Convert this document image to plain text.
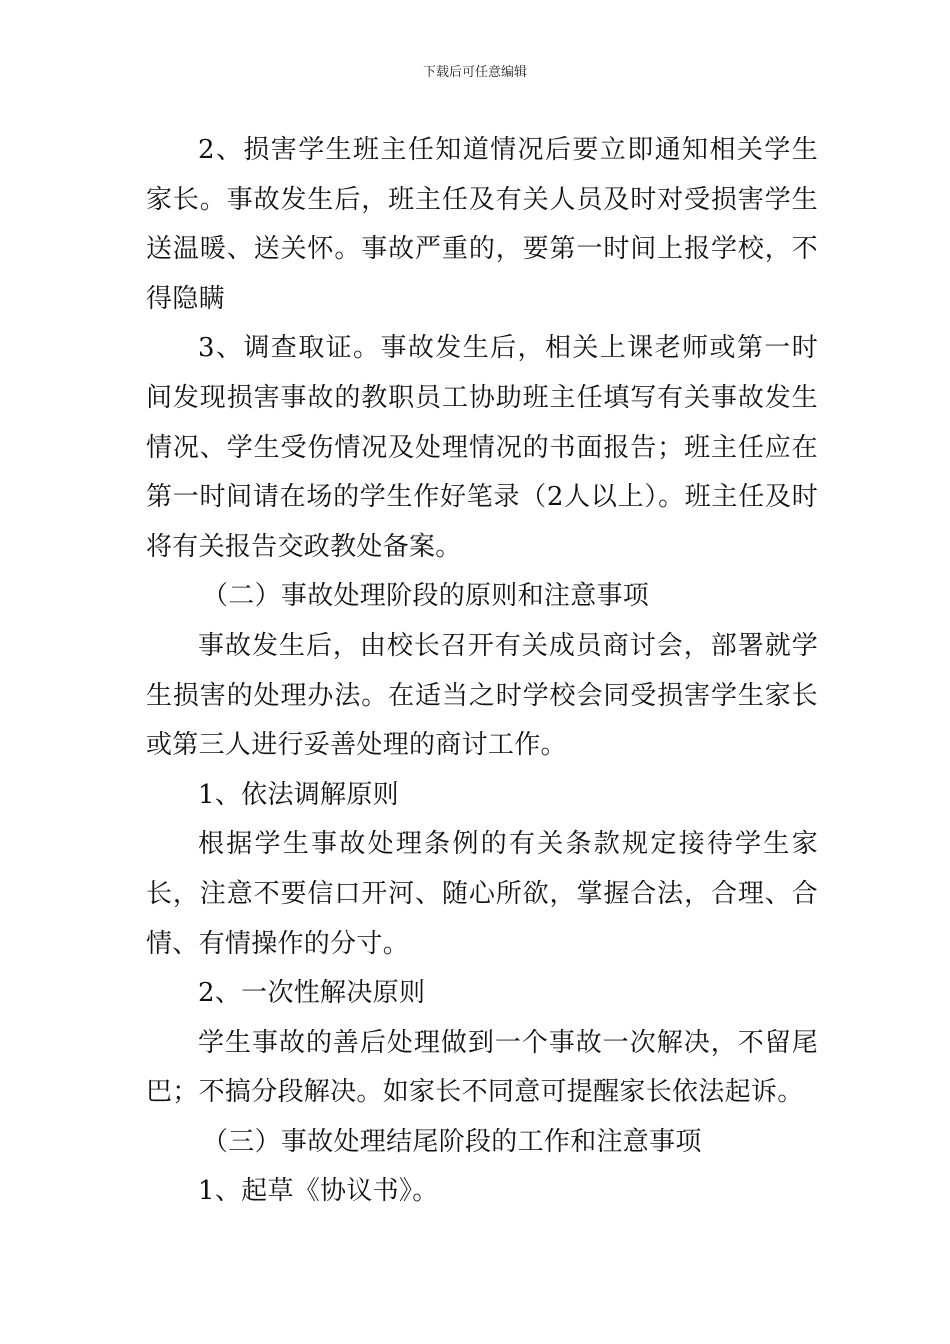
下载后可任意编辑

2、损害学生班主任知道情况后要立即通知相关学生家长。事故发生后，班主任及有关人员及时对受损害学生送温暖、送关怀。事故严重的，要第一时间上报学校，不得隐瞒

3、调查取证。事故发生后，相关上课老师或第一时间发现损害事故的教职员工协助班主任填写有关事故发生情况、学生受伤情况及处理情况的书面报告；班主任应在第一时间请在场的学生作好笔录（2人以上）。班主任及时将有关报告交政教处备案。

（二）事故处理阶段的原则和注意事项

事故发生后，由校长召开有关成员商讨会，部署就学生损害的处理办法。在适当之时学校会同受损害学生家长或第三人进行妥善处理的商讨工作。

1、依法调解原则

根据学生事故处理条例的有关条款规定接待学生家长，注意不要信口开河、随心所欲，掌握合法，合理、合情、有情操作的分寸。

2、一次性解决原则

学生事故的善后处理做到一个事故一次解决，不留尾巴；不搞分段解决。如家长不同意可提醒家长依法起诉。

（三）事故处理结尾阶段的工作和注意事项

1、起草《协议书》。
